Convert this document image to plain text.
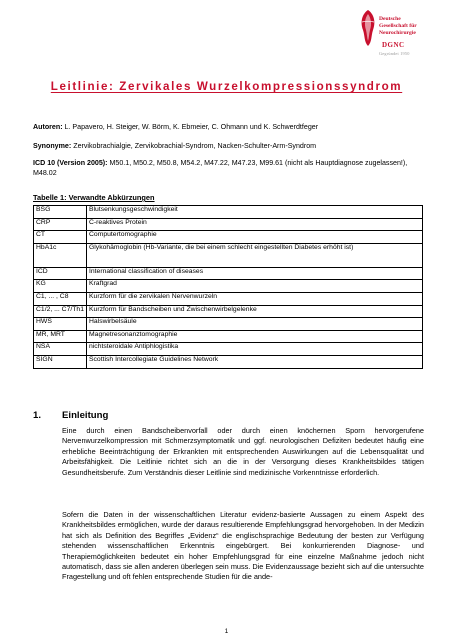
Deutsche
Gesellschaft für
Neurochirurgie
DGNC
Gegründet 1950
Leitlinie: Zervikales Wurzelkompressionssyndrom
Autoren: L. Papavero, H. Steiger, W. Börm, K. Ebmeier, C. Ohmann und K. Schwerdtfeger
Synonyme: Zervikobrachialgie, Zervikobrachial-Syndrom, Nacken-Schulter-Arm-Syndrom
ICD 10 (Version 2005): M50.1, M50.2, M50.8, M54.2, M47.22, M47.23, M99.61 (nicht als Hauptdiagnose zugelassen!), M48.02
Tabelle 1: Verwandte Abkürzungen
BSG	Blutsenkungsgeschwindigkeit
CRP	C-reaktives Protein
CT	Computertomographie
HbA1c	Glykohämoglobin (Hb-Variante, die bei einem schlecht eingestellten Diabetes erhöht ist)
ICD	International classification of diseases
KG	Kraftgrad
C1, ... , C8	Kurzform für die zervikalen Nervenwurzeln
C1/2, ... C7/Th1	Kurzform für Bandscheiben und Zwischenwirbelgelenke
HWS	Halswirbelsäule
MR, MRT	Magnetresonanztomographie
NSA	nichtsteroidale Antiphlogistika
SIGN	Scottish Intercollegiate Guidelines Network
1. Einleitung
Eine durch einen Bandscheibenvorfall oder durch einen knöchernen Sporn hervorgerufene Nervenwurzelkompression mit Schmerzsymptomatik und ggf. neurologischen Defiziten bedeutet häufig eine erhebliche Beeinträchtigung der Erkrankten mit entsprechenden Auswirkungen auf die Lebensqualität und Arbeitsfähigkeit. Die Leitlinie richtet sich an die in der Versorgung dieses Krankheitsbildes tätigen Gesundheitsberufe. Zum Verständnis dieser Leitlinie sind medizinische Vorkenntnisse erforderlich.
Sofern die Daten in der wissenschaftlichen Literatur evidenz-basierte Aussagen zu einem Aspekt des Krankheitsbildes ermöglichen, wurde der daraus resultierende Empfehlungsgrad hervorgehoben. In der Medizin hat sich als Definition des Begriffes „Evidenz“ die englischsprachige Bedeutung der besten zur Verfügung stehenden wissenschaftlichen Erkenntnis eingebürgert. Bei konkurrierenden Diagnose- und Therapiemöglichkeiten bedeutet ein hoher Empfehlungsgrad für eine einzelne Maßnahme jedoch nicht automatisch, dass sie allen anderen überlegen sein muss. Die Evidenzaussage bezieht sich auf die untersuchte Fragestellung und oft fehlen entsprechende Studien für die ande-
1
